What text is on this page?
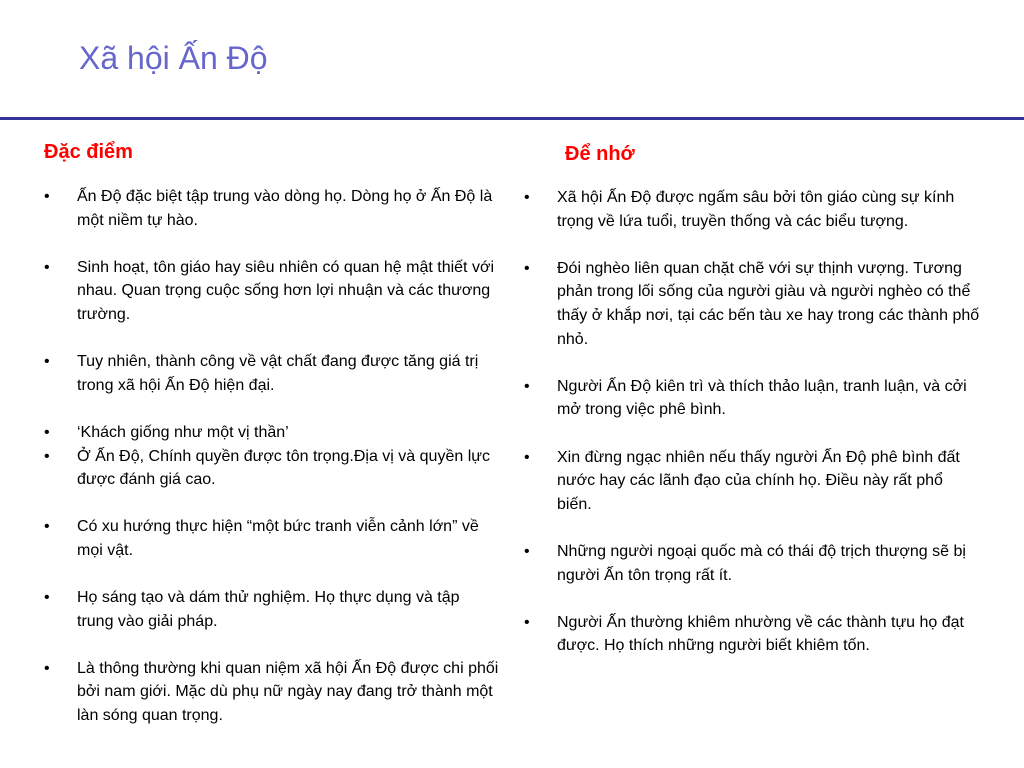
Xã hội Ấn Độ
Đặc điểm
•	Ấn Độ đặc biệt tập trung vào dòng họ. Dòng họ ở Ấn Độ là một niềm tự hào.
•	Sinh hoạt, tôn giáo hay siêu nhiên có quan hệ mật thiết với nhau. Quan trọng cuộc sống hơn lợi nhuận và các thương trường.
•	Tuy nhiên, thành công về vật chất đang được tăng giá trị trong xã hội Ấn Độ hiện đại.
•	‘Khách giống như một vị thần’
•	Ở Ấn Độ, Chính quyền được tôn trọng.Địa vị và quyền lực được đánh giá cao.
•	Có xu hướng thực hiện “một bức tranh viễn cảnh lớn” về mọi vật.
•	Họ sáng tạo và dám thử nghiệm. Họ thực dụng và tập trung vào giải pháp.
•	Là thông thường khi quan niệm xã hội Ấn Độ được chi phối bởi nam giới. Mặc dù phụ nữ ngày nay đang trở thành một làn sóng quan trọng.
Để nhớ
•	Xã hội Ấn Độ được ngấm sâu bởi tôn giáo cùng sự kính trọng về lứa tuổi, truyền thống và các biểu tượng.
•	Đói nghèo liên quan chặt chẽ với sự thịnh vượng. Tương phản trong lối sống của người giàu và người nghèo có thể thấy ở khắp nơi, tại các bến tàu xe hay trong các thành phố nhỏ.
•	Người Ấn Độ kiên trì và thích thảo luận, tranh luận, và cởi mở trong việc phê bình.
•	Xin đừng ngạc nhiên nếu thấy người Ấn Độ phê bình đất nước hay các lãnh đạo của chính họ. Điều này rất phổ biến.
•	Những người ngoại quốc mà có thái độ trịch thượng sẽ bị người Ấn tôn trọng rất ít.
•	Người Ấn thường khiêm nhường về các thành tựu họ đạt được. Họ thích những người biết khiêm tốn.
